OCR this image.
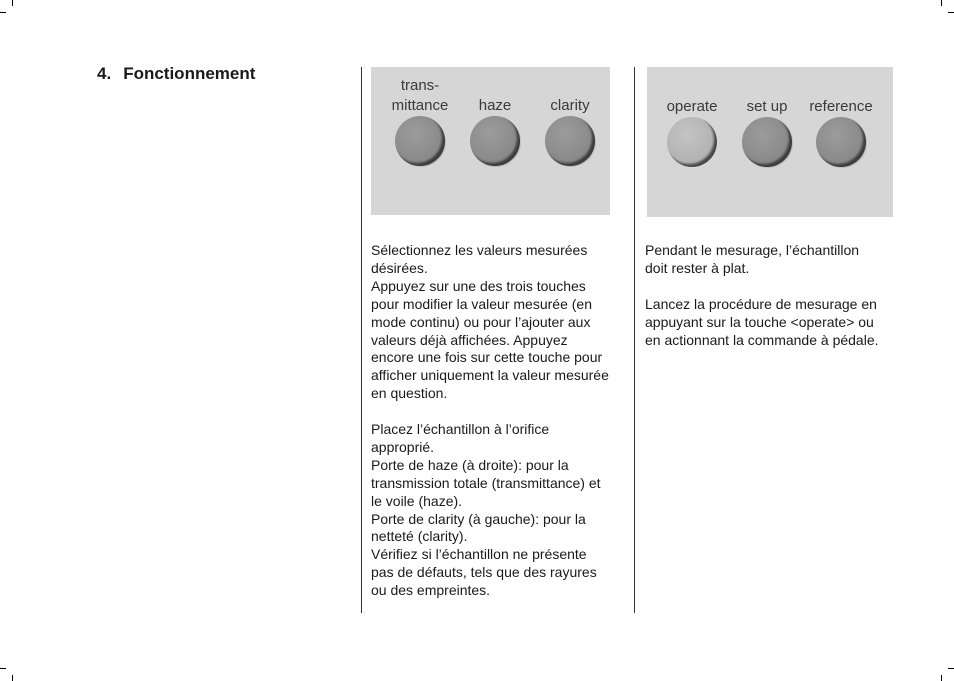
4. Fonctionnement
trans-
mittance haze	clarity	operate set up reference

Sélectionnez les valeurs mesurées désirées.
Appuyez sur une des trois touches pour modifier la valeur mesurée (en mode continu) ou pour l’ajouter aux valeurs déjà affichées. Appuyez encore une fois sur cette touche pour afficher uniquement la valeur mesurée en question.

Placez l’échantillon à l’orifice approprié.
Porte de haze (à droite): pour la transmission totale (transmittance) et le voile (haze).
Porte de clarity (à gauche): pour la netteté (clarity).
Vérifiez si l’échantillon ne présente pas de défauts, tels que des rayures ou des empreintes.

Pendant le mesurage, l’échantillon doit rester à plat.

Lancez la procédure de mesurage en appuyant sur la touche <operate> ou en actionnant la commande à pédale.
